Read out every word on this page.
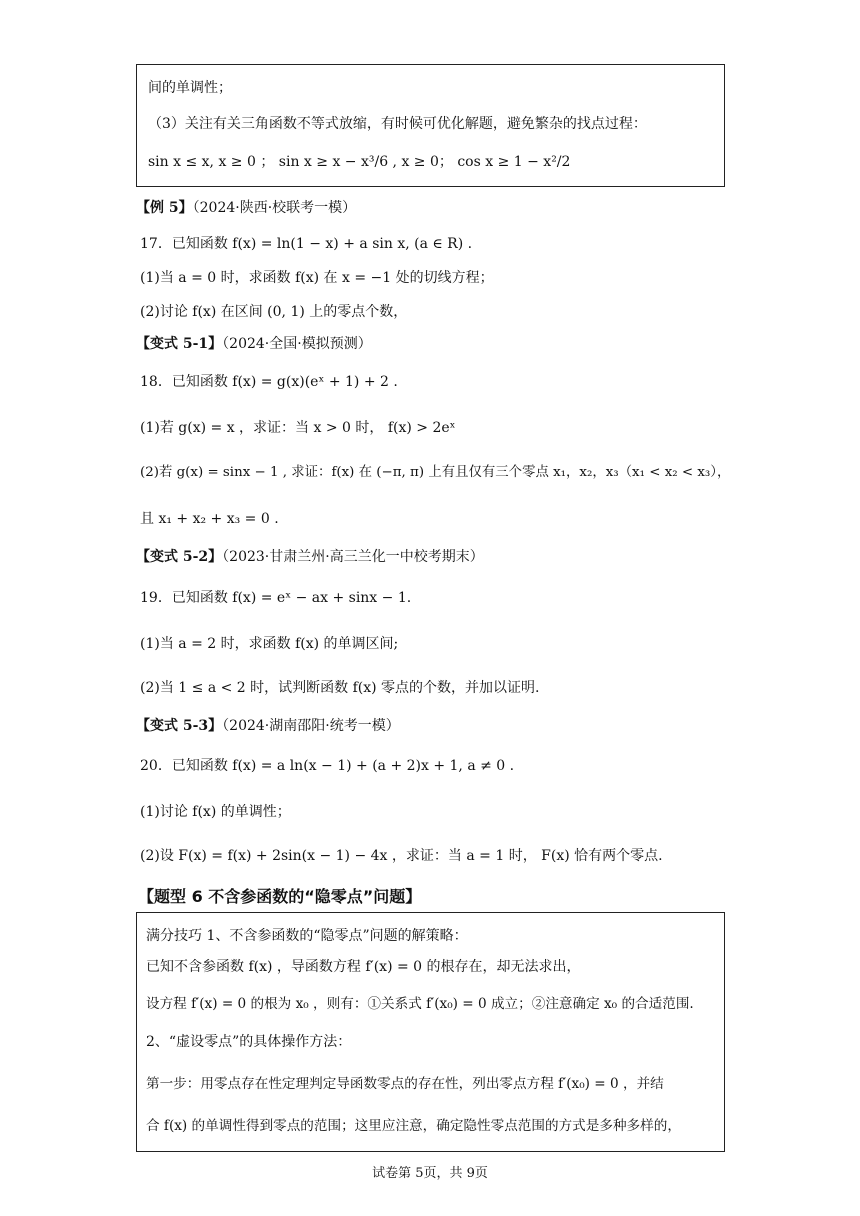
间的单调性；
（3）关注有关三角函数不等式放缩，有时候可优化解题，避免繁杂的找点过程：
sin x ≤ x, x ≥ 0 ； sin x ≥ x − x³/6 , x ≥ 0； cos x ≥ 1 − x²/2
【例 5】（2024·陕西·校联考一模）
17．已知函数 f(x) = ln(1 − x) + a sin x, (a ∈ R) .
(1)当 a = 0 时，求函数 f(x) 在 x = −1 处的切线方程；
(2)讨论 f(x) 在区间 (0, 1) 上的零点个数，
【变式 5-1】（2024·全国·模拟预测）
18．已知函数 f(x) = g(x)(eˣ + 1) + 2 .
(1)若 g(x) = x ，求证：当 x > 0 时， f(x) > 2eˣ
(2)若 g(x) = sinx − 1 , 求证：f(x) 在 (−π, π) 上有且仅有三个零点 x₁，x₂，x₃（x₁ < x₂ < x₃），
且 x₁ + x₂ + x₃ = 0 .
【变式 5-2】（2023·甘肃兰州·高三兰化一中校考期末）
19．已知函数 f(x) = eˣ − ax + sinx − 1.
(1)当 a = 2 时，求函数 f(x) 的单调区间;
(2)当 1 ≤ a < 2 时，试判断函数 f(x) 零点的个数，并加以证明.
【变式 5-3】（2024·湖南邵阳·统考一模）
20．已知函数 f(x) = a ln(x − 1) + (a + 2)x + 1, a ≠ 0 .
(1)讨论 f(x) 的单调性；
(2)设 F(x) = f(x) + 2sin(x − 1) − 4x ，求证：当 a = 1 时， F(x) 恰有两个零点.
【题型 6 不含参函数的“隐零点”问题】
满分技巧 1、不含参函数的“隐零点”问题的解策略：
已知不含参函数 f(x) ，导函数方程 f′(x) = 0 的根存在，却无法求出，
设方程 f′(x) = 0 的根为 x₀ ，则有：①关系式 f′(x₀) = 0 成立；②注意确定 x₀ 的合适范围.
2、“虚设零点”的具体操作方法：
第一步：用零点存在性定理判定导函数零点的存在性，列出零点方程 f′(x₀) = 0 ，并结
合 f(x) 的单调性得到零点的范围；这里应注意，确定隐性零点范围的方式是多种多样的，
试卷第 5页，共 9页
